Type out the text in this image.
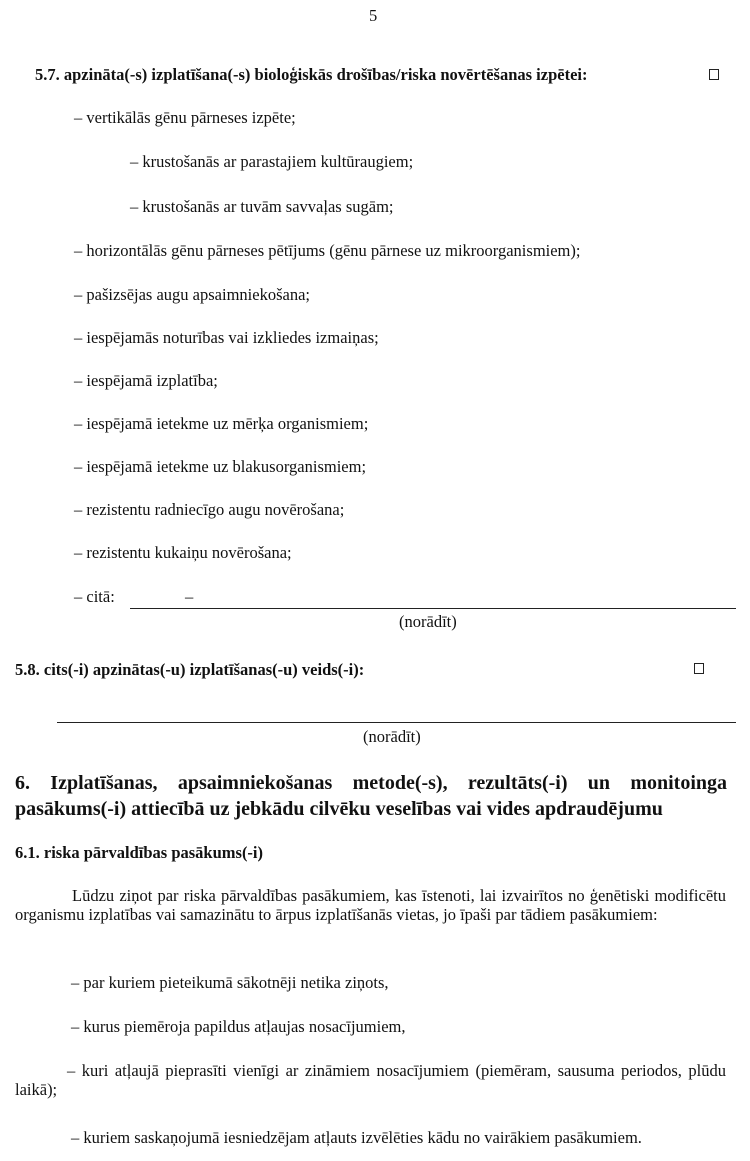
5
5.7. apzināta(-s) izplatīšana(-s) bioloģiskās drošības/riska novērtēšanas izpētei:
– vertikālās gēnu pārneses izpēte;
– krustošanās ar parastajiem kultūraugiem;
– krustošanās ar tuvām savvaļas sugām;
– horizontālās gēnu pārneses pētījums (gēnu pārnese uz mikroorganismiem);
– pašizsējas augu apsaimniekošana;
– iespējamās noturības vai izkliedes izmaiņas;
– iespējamā izplatība;
– iespējamā ietekme uz mērķa organismiem;
– iespējamā ietekme uz blakusorganismiem;
– rezistentu radniecīgo augu novērošana;
– rezistentu kukaiņu novērošana;
– citā:	–
(norādīt)
5.8. cits(-i) apzinātas(-u) izplatīšanas(-u) veids(-i):
(norādīt)
6. Izplatīšanas, apsaimniekošanas metode(-s), rezultāts(-i) un monitoinga pasākums(-i) attiecībā uz jebkādu cilvēku veselības vai vides apdraudējumu
6.1. riska pārvaldības pasākums(-i)
Lūdzu ziņot par riska pārvaldības pasākumiem, kas īstenoti, lai izvairītos no ģenētiski modificētu organismu izplatības vai samazinātu to ārpus izplatīšanās vietas, jo īpaši par tādiem pasākumiem:
– par kuriem pieteikumā sākotnēji netika ziņots,
– kurus piemēroja papildus atļaujas nosacījumiem,
– kuri atļaujā pieprasīti vienīgi ar zināmiem nosacījumiem (piemēram, sausuma periodos, plūdu laikā);
– kuriem saskaņojumā iesniedzējam atļauts izvēlēties kādu no vairākiem pasākumiem.
